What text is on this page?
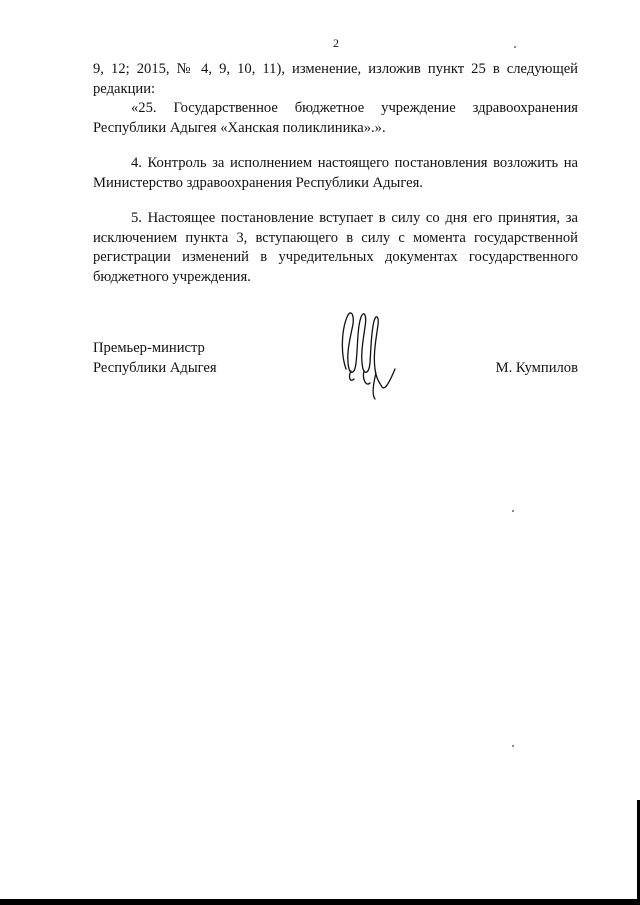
2

9, 12; 2015, № 4, 9, 10, 11), изменение, изложив пункт 25 в следующей редакции:

«25. Государственное бюджетное учреждение здравоохранения Республики Адыгея «Ханская поликлиника».».

4. Контроль за исполнением настоящего постановления возложить на Министерство здравоохранения Республики Адыгея.

5. Настоящее постановление вступает в силу со дня его принятия, за исключением пункта 3, вступающего в силу с момента государственной регистрации изменений в учредительных документах государственного бюджетного учреждения.

Премьер-министр
Республики Адыгея	М. Кумпилов
